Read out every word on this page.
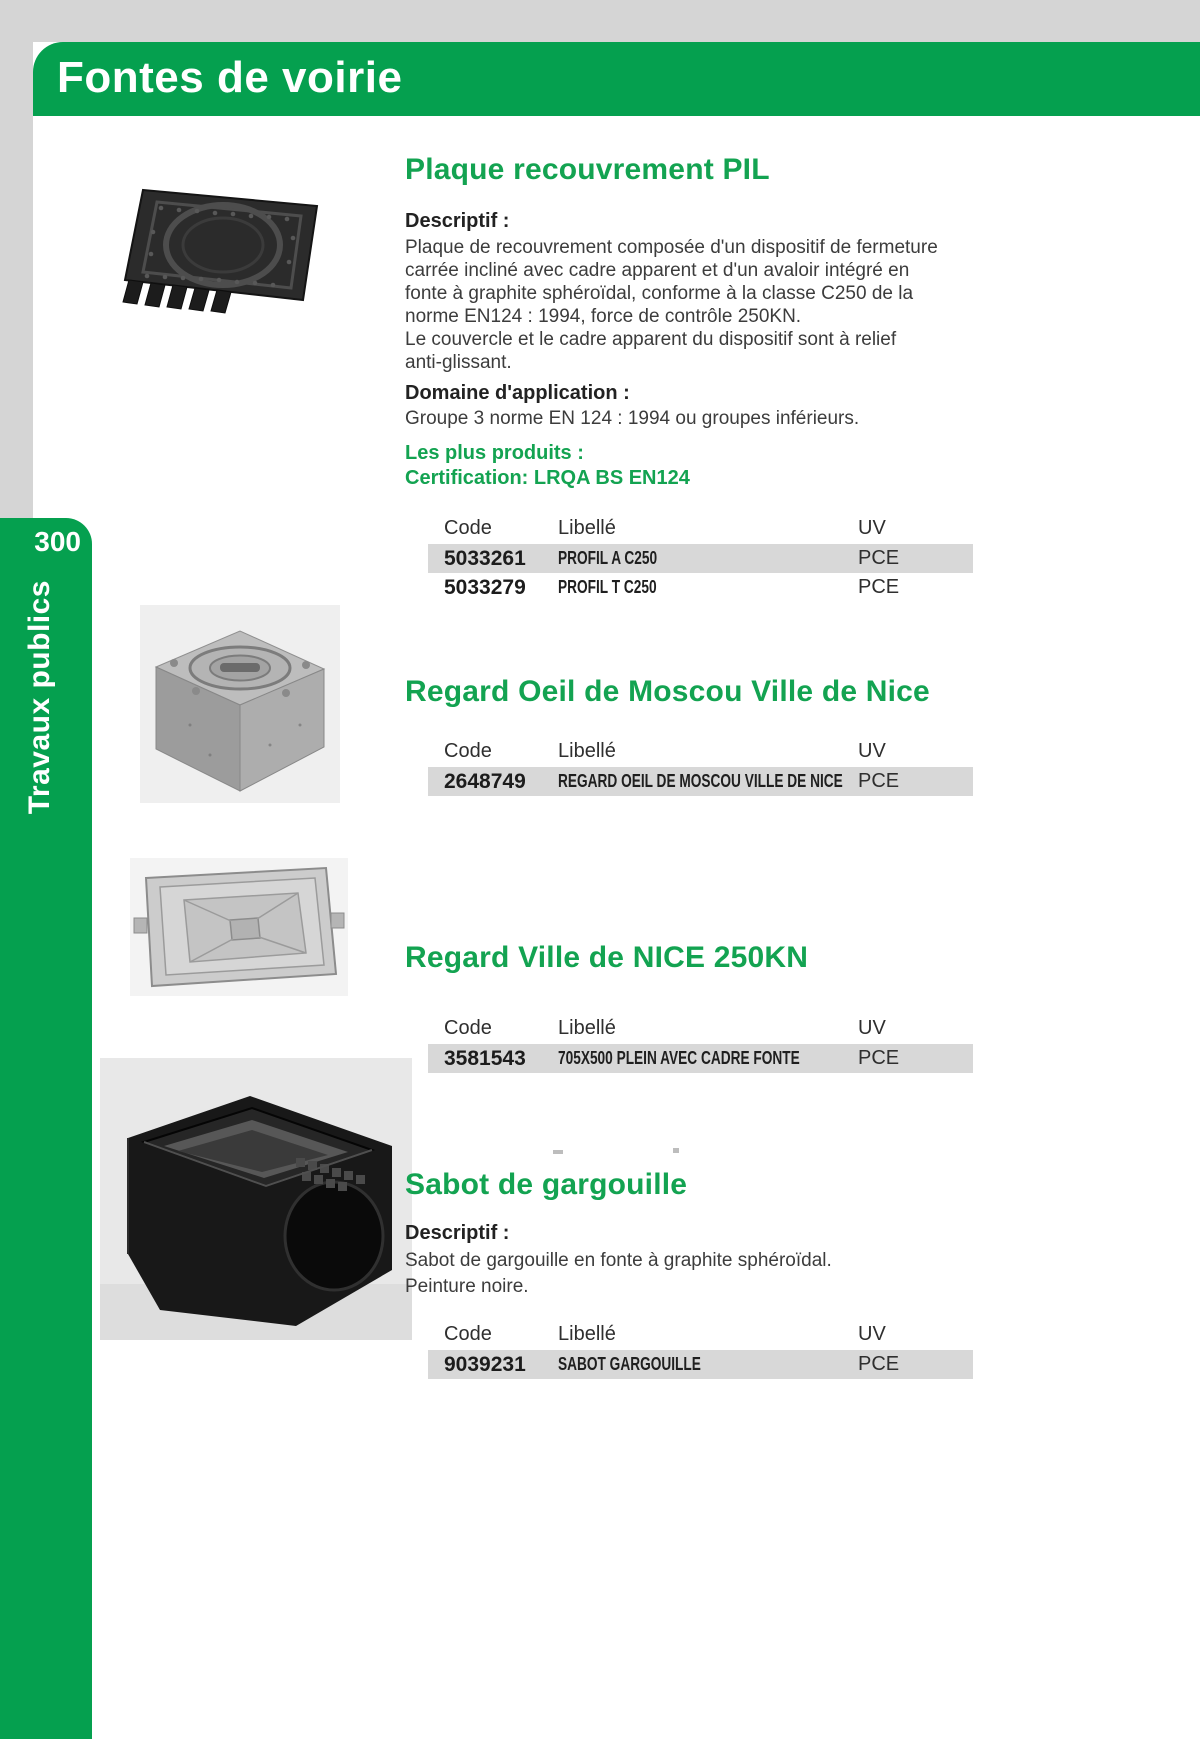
Fontes de voirie
300
Travaux publics
Plaque recouvrement PIL
Descriptif :
Plaque de recouvrement composée d'un dispositif de fermeture
carrée incliné avec cadre apparent et d'un avaloir intégré en
fonte à graphite sphéroïdal, conforme à la classe C250 de la
norme EN124 : 1994, force de contrôle 250KN.
Le couvercle et le cadre apparent du dispositif sont à relief
anti-glissant.
Domaine d'application :
Groupe 3 norme EN 124 : 1994 ou groupes inférieurs.
Les plus produits :
Certification: LRQA BS EN124
Code	Libellé	UV
5033261	PROFIL A C250	PCE
5033279	PROFIL T C250	PCE
Regard Oeil de Moscou Ville de Nice
Code	Libellé	UV
2648749	REGARD OEIL DE MOSCOU VILLE DE NICE PCE
Regard Ville de NICE 250KN
Code	Libellé	UV
3581543	705X500 PLEIN AVEC CADRE FONTE	PCE
Sabot de gargouille
Descriptif :
Sabot de gargouille en fonte à graphite sphéroïdal.
Peinture noire.
Code	Libellé	UV
9039231	SABOT GARGOUILLE	PCE
